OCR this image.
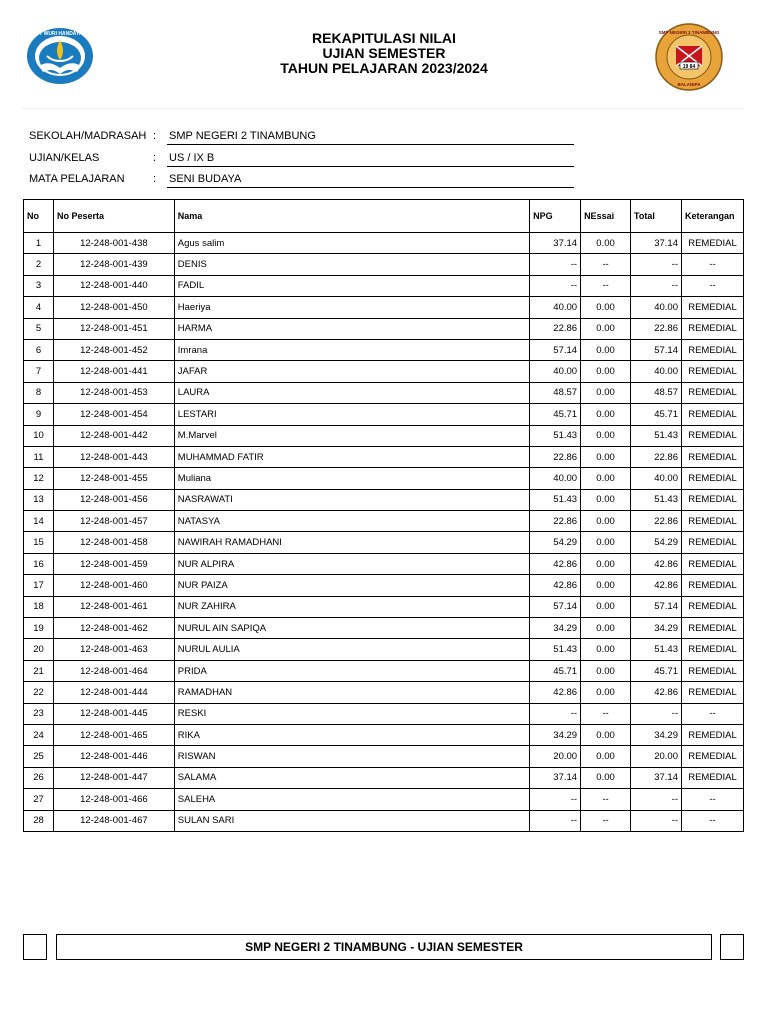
TUT WURI HANDAYANI	REKAPITULASI NILAI
UJIAN SEMESTER
TAHUN PELAJARAN 2023/2024	19 84
SMP NEGERI 2 TINAMBUNG
BALANIPA
SEKOLAH/MADRASAH : SMP NEGERI 2 TINAMBUNG
UJIAN/KELAS	: US / IX B
MATA PELAJARAN	: SENI BUDAYA
No	No Peserta	Nama	NPG	NEssai	Total	Keterangan
1	12-248-001-438	Agus salim	37.14	0.00	37.14	REMEDIAL
2	12-248-001-439	DENIS	--	--	--	--
3	12-248-001-440	FADIL	--	--	--	--
4	12-248-001-450	Haeriya	40.00	0.00	40.00	REMEDIAL
5	12-248-001-451	HARMA	22.86	0.00	22.86	REMEDIAL
6	12-248-001-452	Imrana	57.14	0.00	57.14	REMEDIAL
7	12-248-001-441	JAFAR	40.00	0.00	40.00	REMEDIAL
8	12-248-001-453	LAURA	48.57	0.00	48.57	REMEDIAL
9	12-248-001-454	LESTARI	45.71	0.00	45.71	REMEDIAL
10	12-248-001-442	M.Marvel	51.43	0.00	51.43	REMEDIAL
11	12-248-001-443	MUHAMMAD FATIR	22.86	0.00	22.86	REMEDIAL
12	12-248-001-455	Muliana	40.00	0.00	40.00	REMEDIAL
13	12-248-001-456	NASRAWATI	51.43	0.00	51.43	REMEDIAL
14	12-248-001-457	NATASYA	22.86	0.00	22.86	REMEDIAL
15	12-248-001-458	NAWIRAH RAMADHANI	54.29	0.00	54.29	REMEDIAL
16	12-248-001-459	NUR ALPIRA	42.86	0.00	42.86	REMEDIAL
17	12-248-001-460	NUR PAIZA	42.86	0.00	42.86	REMEDIAL
18	12-248-001-461	NUR ZAHIRA	57.14	0.00	57.14	REMEDIAL
19	12-248-001-462	NURUL AIN SAPIQA	34.29	0.00	34.29	REMEDIAL
20	12-248-001-463	NURUL AULIA	51.43	0.00	51.43	REMEDIAL
21	12-248-001-464	PRIDA	45.71	0.00	45.71	REMEDIAL
22	12-248-001-444	RAMADHAN	42.86	0.00	42.86	REMEDIAL
23	12-248-001-445	RESKI	--	--	--	--
24	12-248-001-465	RIKA	34.29	0.00	34.29	REMEDIAL
25	12-248-001-446	RISWAN	20.00	0.00	20.00	REMEDIAL
26	12-248-001-447	SALAMA	37.14	0.00	37.14	REMEDIAL
27	12-248-001-466	SALEHA	--	--	--	--
28	12-248-001-467	SULAN SARI	--	--	--	--
SMP NEGERI 2 TINAMBUNG - UJIAN SEMESTER
